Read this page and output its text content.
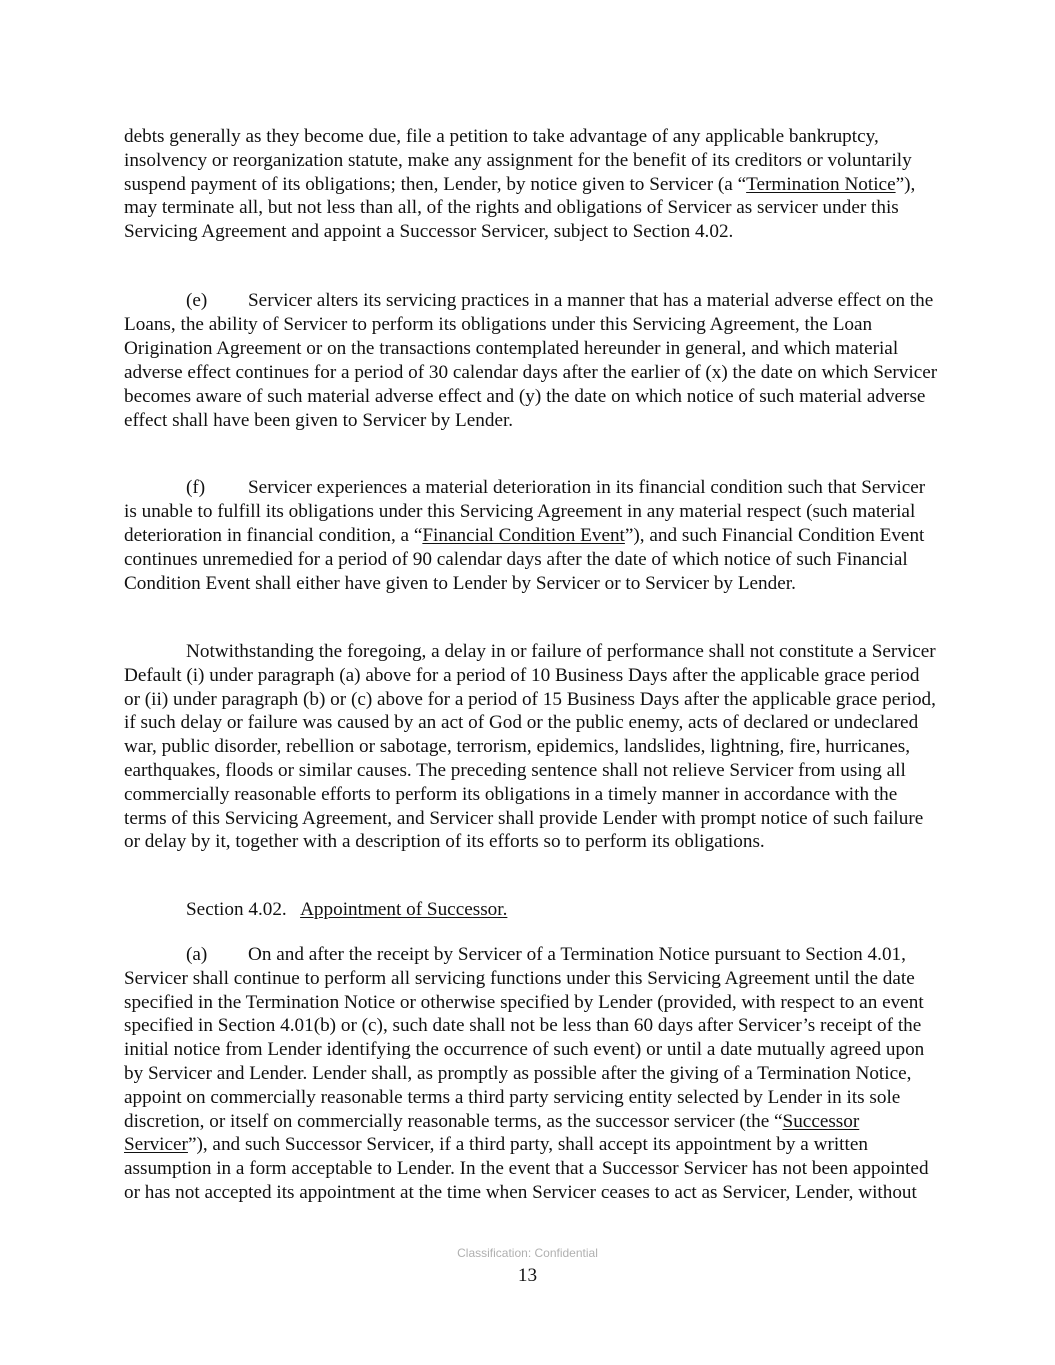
debts generally as they become due, file a petition to take advantage of any applicable bankruptcy, insolvency or reorganization statute, make any assignment for the benefit of its creditors or voluntarily suspend payment of its obligations; then, Lender, by notice given to Servicer (a “Termination Notice”), may terminate all, but not less than all, of the rights and obligations of Servicer as servicer under this Servicing Agreement and appoint a Successor Servicer, subject to Section 4.02.

(e) Servicer alters its servicing practices in a manner that has a material adverse effect on the Loans, the ability of Servicer to perform its obligations under this Servicing Agreement, the Loan Origination Agreement or on the transactions contemplated hereunder in general, and which material adverse effect continues for a period of 30 calendar days after the earlier of (x) the date on which Servicer becomes aware of such material adverse effect and (y) the date on which notice of such material adverse effect shall have been given to Servicer by Lender.

(f) Servicer experiences a material deterioration in its financial condition such that Servicer is unable to fulfill its obligations under this Servicing Agreement in any material respect (such material deterioration in financial condition, a “Financial Condition Event”), and such Financial Condition Event continues unremedied for a period of 90 calendar days after the date of which notice of such Financial Condition Event shall either have given to Lender by Servicer or to Servicer by Lender.

Notwithstanding the foregoing, a delay in or failure of performance shall not constitute a Servicer Default (i) under paragraph (a) above for a period of 10 Business Days after the applicable grace period or (ii) under paragraph (b) or (c) above for a period of 15 Business Days after the applicable grace period, if such delay or failure was caused by an act of God or the public enemy, acts of declared or undeclared war, public disorder, rebellion or sabotage, terrorism, epidemics, landslides, lightning, fire, hurricanes, earthquakes, floods or similar causes. The preceding sentence shall not relieve Servicer from using all commercially reasonable efforts to perform its obligations in a timely manner in accordance with the terms of this Servicing Agreement, and Servicer shall provide Lender with prompt notice of such failure or delay by it, together with a description of its efforts so to perform its obligations.

Section 4.02. Appointment of Successor.

(a) On and after the receipt by Servicer of a Termination Notice pursuant to Section 4.01, Servicer shall continue to perform all servicing functions under this Servicing Agreement until the date specified in the Termination Notice or otherwise specified by Lender (provided, with respect to an event specified in Section 4.01(b) or (c), such date shall not be less than 60 days after Servicer’s receipt of the initial notice from Lender identifying the occurrence of such event) or until a date mutually agreed upon by Servicer and Lender. Lender shall, as promptly as possible after the giving of a Termination Notice, appoint on commercially reasonable terms a third party servicing entity selected by Lender in its sole discretion, or itself on commercially reasonable terms, as the successor servicer (the “Successor Servicer”), and such Successor Servicer, if a third party, shall accept its appointment by a written assumption in a form acceptable to Lender. In the event that a Successor Servicer has not been appointed or has not accepted its appointment at the time when Servicer ceases to act as Servicer, Lender, without

Classification: Confidential
13
